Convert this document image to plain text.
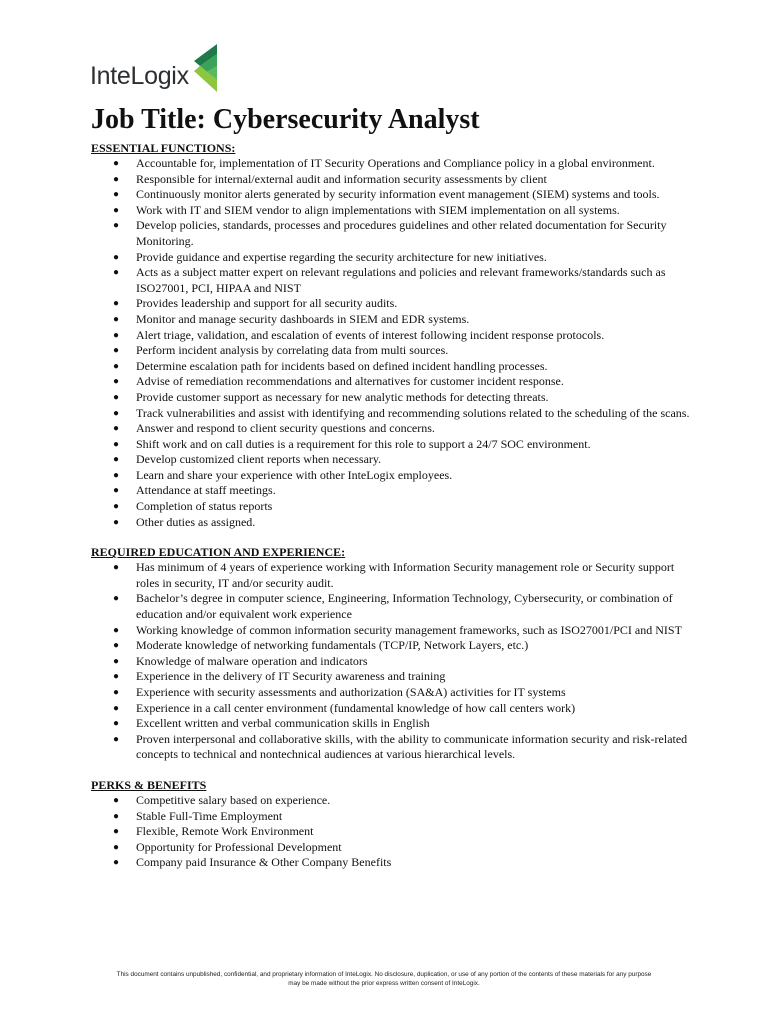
InteLogix
Job Title: Cybersecurity Analyst

ESSENTIAL FUNCTIONS:

● Accountable for, implementation of IT Security Operations and Compliance policy in a global environment.
● Responsible for internal/external audit and information security assessments by client
● Continuously monitor alerts generated by security information event management (SIEM) systems and tools.
● Work with IT and SIEM vendor to align implementations with SIEM implementation on all systems.
● Develop policies, standards, processes and procedures guidelines and other related documentation for Security Monitoring.
● Provide guidance and expertise regarding the security architecture for new initiatives.
● Acts as a subject matter expert on relevant regulations and policies and relevant frameworks/standards such as ISO27001, PCI, HIPAA and NIST
● Provides leadership and support for all security audits.
● Monitor and manage security dashboards in SIEM and EDR systems.
● Alert triage, validation, and escalation of events of interest following incident response protocols.
● Perform incident analysis by correlating data from multi sources.
● Determine escalation path for incidents based on defined incident handling processes.
● Advise of remediation recommendations and alternatives for customer incident response.
● Provide customer support as necessary for new analytic methods for detecting threats.
● Track vulnerabilities and assist with identifying and recommending solutions related to the scheduling of the scans.
● Answer and respond to client security questions and concerns.
● Shift work and on call duties is a requirement for this role to support a 24/7 SOC environment.
● Develop customized client reports when necessary.
● Learn and share your experience with other InteLogix employees.
● Attendance at staff meetings.
● Completion of status reports
● Other duties as assigned.

REQUIRED EDUCATION AND EXPERIENCE:

● Has minimum of 4 years of experience working with Information Security management role or Security support roles in security, IT and/or security audit.
● Bachelor’s degree in computer science, Engineering, Information Technology, Cybersecurity, or combination of education and/or equivalent work experience
● Working knowledge of common information security management frameworks, such as ISO27001/PCI and NIST
● Moderate knowledge of networking fundamentals (TCP/IP, Network Layers, etc.)
● Knowledge of malware operation and indicators
● Experience in the delivery of IT Security awareness and training
● Experience with security assessments and authorization (SA&A) activities for IT systems
● Experience in a call center environment (fundamental knowledge of how call centers work)
● Excellent written and verbal communication skills in English
● Proven interpersonal and collaborative skills, with the ability to communicate information security and risk-related concepts to technical and nontechnical audiences at various hierarchical levels.

PERKS & BENEFITS

● Competitive salary based on experience.
● Stable Full-Time Employment
● Flexible, Remote Work Environment
● Opportunity for Professional Development
● Company paid Insurance & Other Company Benefits
This document contains unpublished, confidential, and proprietary information of InteLogix. No disclosure, duplication, or use of any portion of the contents of these materials for any purpose
may be made without the prior express written consent of InteLogix.
